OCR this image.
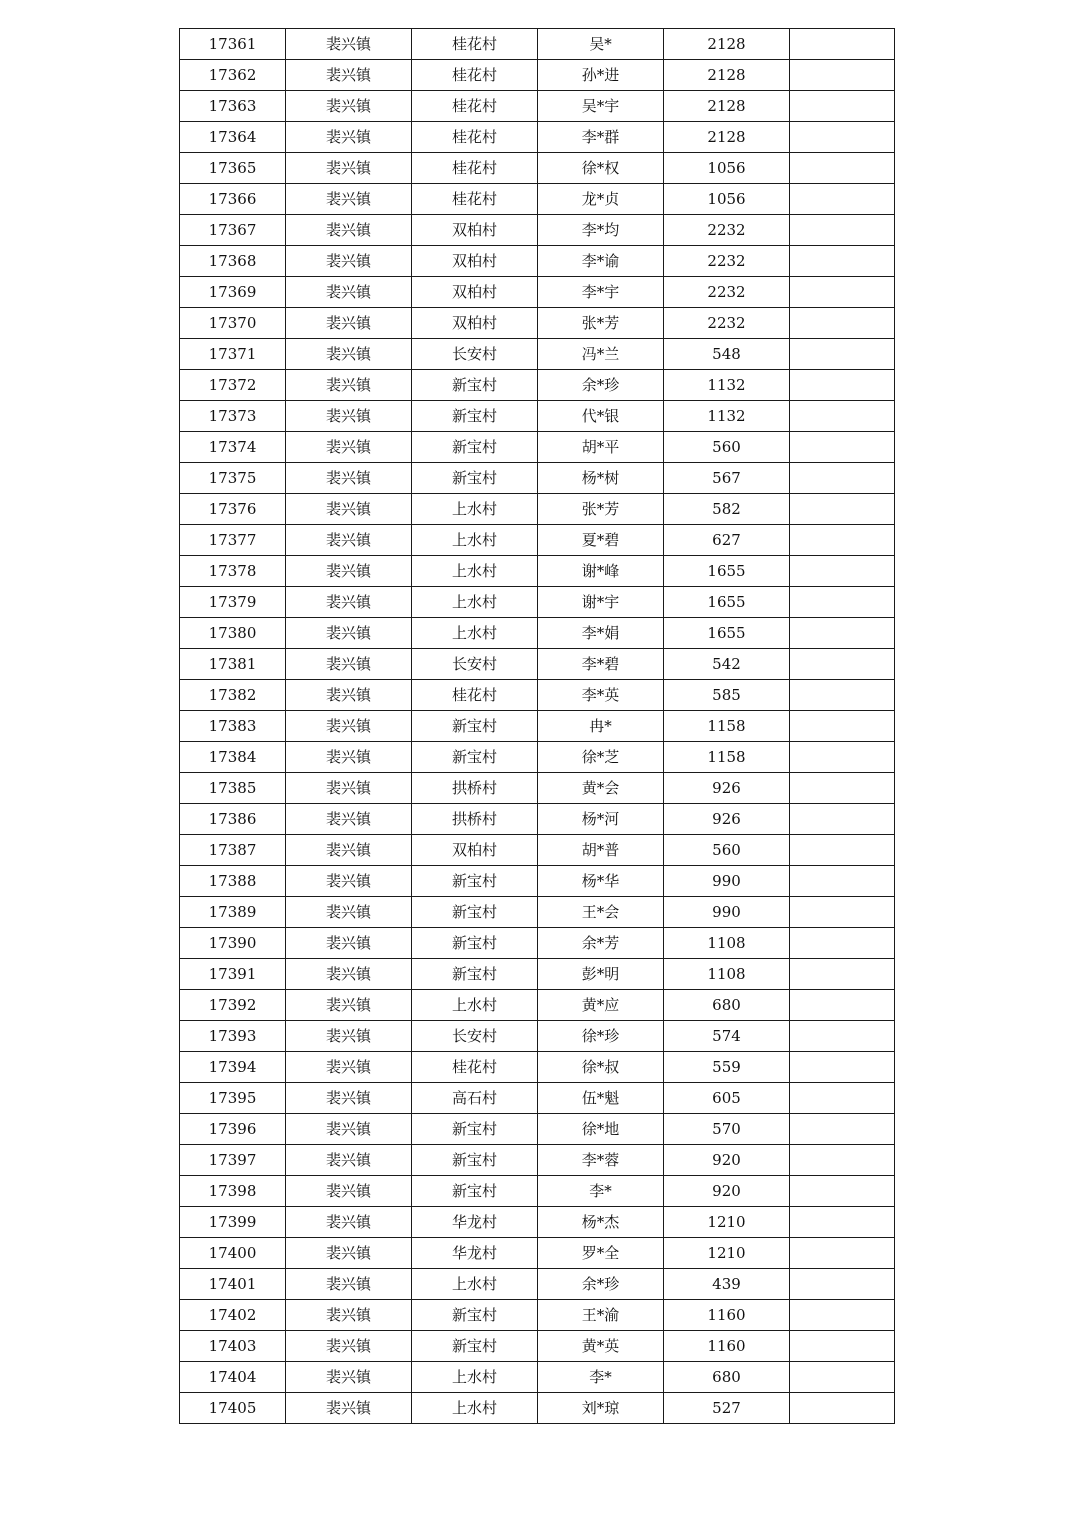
17361	裴兴镇	桂花村	吴*	2128	
17362	裴兴镇	桂花村	孙*进	2128	
17363	裴兴镇	桂花村	吴*宇	2128	
17364	裴兴镇	桂花村	李*群	2128	
17365	裴兴镇	桂花村	徐*权	1056	
17366	裴兴镇	桂花村	龙*贞	1056	
17367	裴兴镇	双柏村	李*均	2232	
17368	裴兴镇	双柏村	李*谕	2232	
17369	裴兴镇	双柏村	李*宇	2232	
17370	裴兴镇	双柏村	张*芳	2232	
17371	裴兴镇	长安村	冯*兰	548	
17372	裴兴镇	新宝村	余*珍	1132	
17373	裴兴镇	新宝村	代*银	1132	
17374	裴兴镇	新宝村	胡*平	560	
17375	裴兴镇	新宝村	杨*树	567	
17376	裴兴镇	上水村	张*芳	582	
17377	裴兴镇	上水村	夏*碧	627	
17378	裴兴镇	上水村	谢*峰	1655	
17379	裴兴镇	上水村	谢*宇	1655	
17380	裴兴镇	上水村	李*娟	1655	
17381	裴兴镇	长安村	李*碧	542	
17382	裴兴镇	桂花村	李*英	585	
17383	裴兴镇	新宝村	冉*	1158	
17384	裴兴镇	新宝村	徐*芝	1158	
17385	裴兴镇	拱桥村	黄*会	926	
17386	裴兴镇	拱桥村	杨*河	926	
17387	裴兴镇	双柏村	胡*普	560	
17388	裴兴镇	新宝村	杨*华	990	
17389	裴兴镇	新宝村	王*会	990	
17390	裴兴镇	新宝村	余*芳	1108	
17391	裴兴镇	新宝村	彭*明	1108	
17392	裴兴镇	上水村	黄*应	680	
17393	裴兴镇	长安村	徐*珍	574	
17394	裴兴镇	桂花村	徐*叔	559	
17395	裴兴镇	高石村	伍*魁	605	
17396	裴兴镇	新宝村	徐*地	570	
17397	裴兴镇	新宝村	李*蓉	920	
17398	裴兴镇	新宝村	李*	920	
17399	裴兴镇	华龙村	杨*杰	1210	
17400	裴兴镇	华龙村	罗*全	1210	
17401	裴兴镇	上水村	余*珍	439	
17402	裴兴镇	新宝村	王*渝	1160	
17403	裴兴镇	新宝村	黄*英	1160	
17404	裴兴镇	上水村	李*	680	
17405	裴兴镇	上水村	刘*琼	527	
